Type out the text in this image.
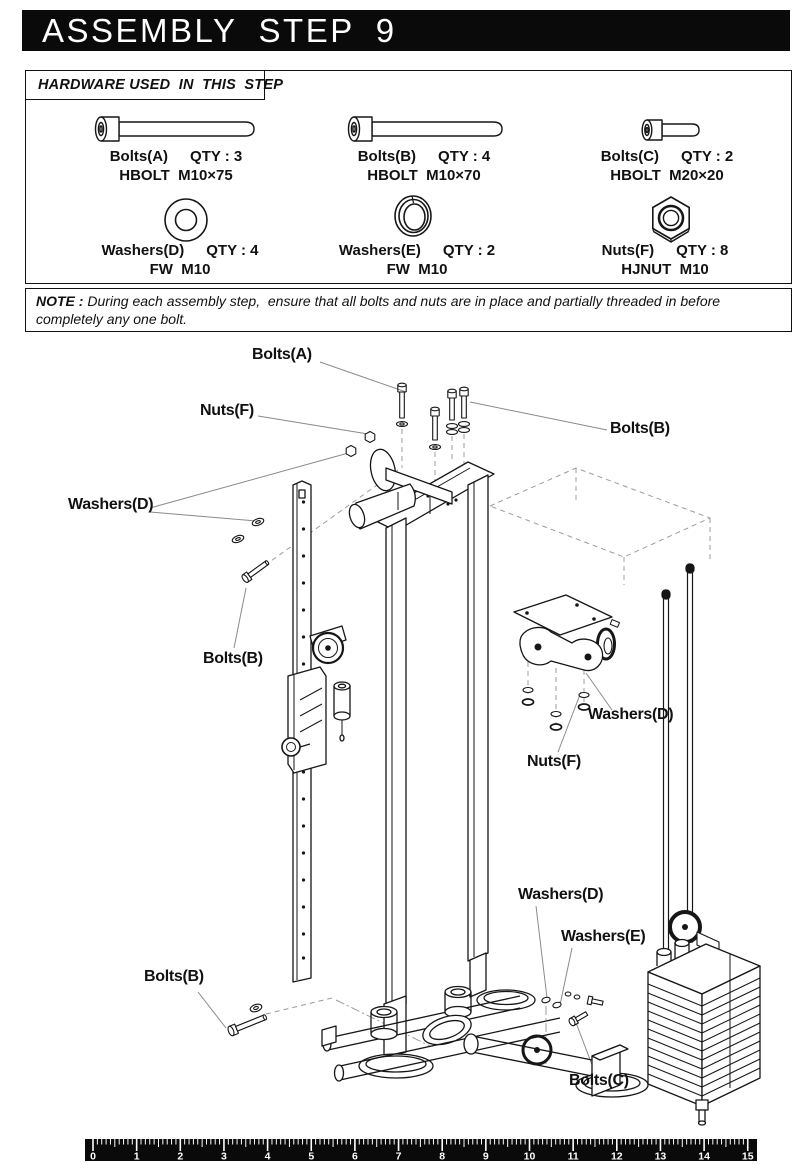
ASSEMBLY STEP 9
HARDWARE USED  IN  THIS  STEP
Bolts(A) QTY : 3
HBOLT  M10×75
Bolts(B) QTY : 4
HBOLT  M10×70
Bolts(C) QTY : 2
HBOLT  M20×20
Washers(D) QTY : 4
FW  M10
Washers(E) QTY : 2
FW  M10
Nuts(F) QTY : 8
HJNUT  M10
NOTE : During each assembly step,  ensure that all bolts and nuts are in place and partially threaded in before completely any one bolt.
Bolts(A)
Nuts(F)
Washers(D)
Bolts(B)
Bolts(B)
Washers(D)
Nuts(F)
Washers(D)
Washers(E)
Bolts(C)
Bolts(B)
0	1	2	3	4	5	6	7	8	9	10	11	12	13	14	15
